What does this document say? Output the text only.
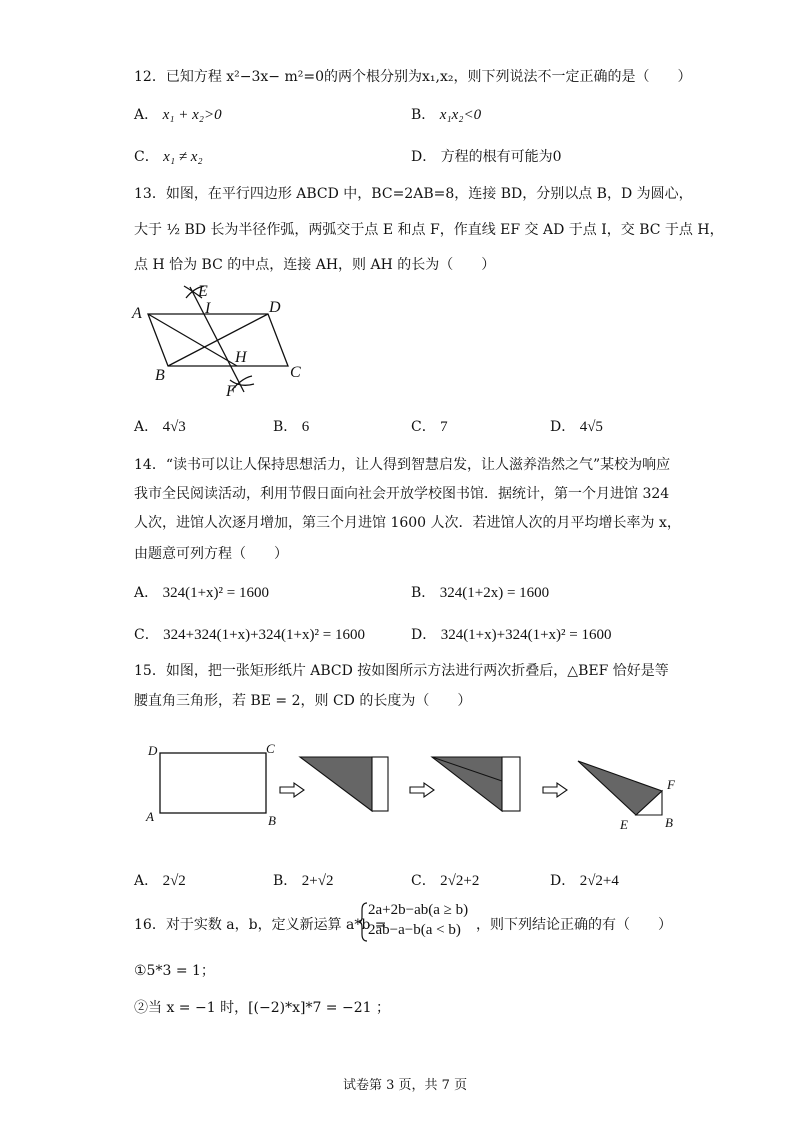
12．已知方程 x²−3x− m²=0的两个根分别为x₁,x₂，则下列说法不一定正确的是（　　）
A． x₁ + x₂>0	B． x₁x₂<0
C． x₁ ≠ x₂	D． 方程的根有可能为0
13．如图，在平行四边形 ABCD 中，BC=2AB=8，连接 BD，分别以点 B，D 为圆心，
大于 ½ BD 长为半径作弧，两弧交于点 E 和点 F，作直线 EF 交 AD 于点 I，交 BC 于点 H，
点 H 恰为 BC 的中点，连接 AH，则 AH 的长为（　　）
A	D
B	C
E
I
H
F
A． 4√3	B． 6	C． 7	D． 4√5
14．“读书可以让人保持思想活力，让人得到智慧启发，让人滋养浩然之气”某校为响应
我市全民阅读活动，利用节假日面向社会开放学校图书馆．据统计，第一个月进馆 324
人次，进馆人次逐月增加，第三个月进馆 1600 人次．若进馆人次的月平均增长率为 x，
由题意可列方程（　　）
A． 324(1+x)² = 1600	B． 324(1+2x) = 1600
C． 324+324(1+x)+324(1+x)² = 1600	D． 324(1+x)+324(1+x)² = 1600
15．如图，把一张矩形纸片 ABCD 按如图所示方法进行两次折叠后，△BEF 恰好是等
腰直角三角形，若 BE = 2，则 CD 的长度为（　　）
D	C
A	B
F
E	B
A． 2√2	B． 2+√2	C． 2√2+2	D． 2√2+4
16．对于实数 a，b，定义新运算 a*b =
2a+2b−ab(a ≥ b)
2ab−a−b(a < b) ，则下列结论正确的有（　　）
①5*3 = 1；
②当 x = −1 时，[(−2)*x]*7 = −21 ；
试卷第 3 页，共 7 页
